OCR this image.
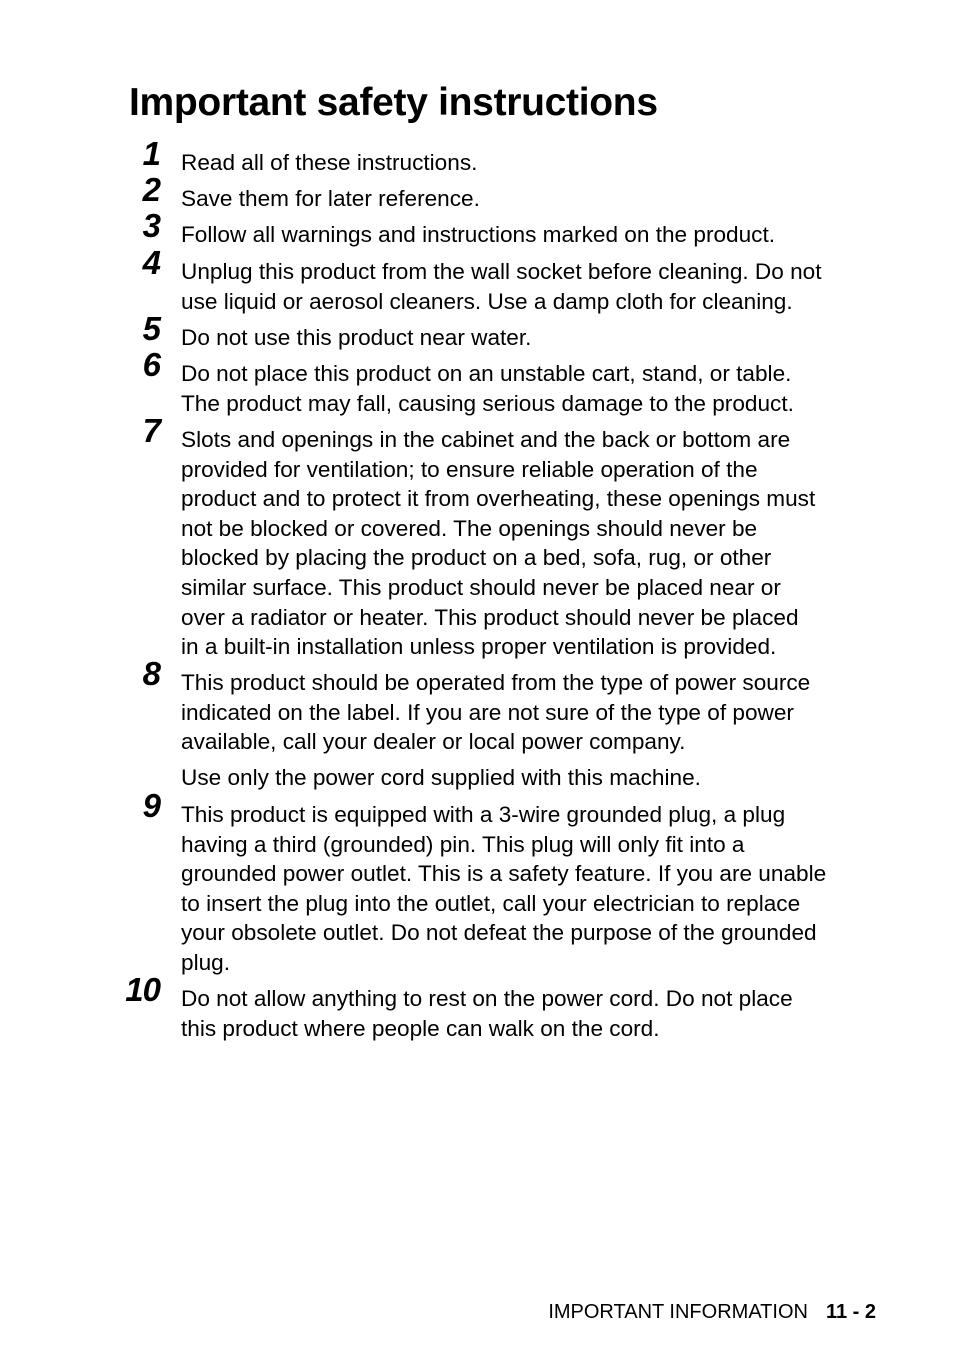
Important safety instructions
1 Read all of these instructions.

2 Save them for later reference.

3 Follow all warnings and instructions marked on the product.

4 Unplug this product from the wall socket before cleaning. Do not
use liquid or aerosol cleaners. Use a damp cloth for cleaning.

5 Do not use this product near water.

6 Do not place this product on an unstable cart, stand, or table.
The product may fall, causing serious damage to the product.

7 Slots and openings in the cabinet and the back or bottom are
provided for ventilation; to ensure reliable operation of the
product and to protect it from overheating, these openings must
not be blocked or covered. The openings should never be
blocked by placing the product on a bed, sofa, rug, or other
similar surface. This product should never be placed near or
over a radiator or heater. This product should never be placed
in a built-in installation unless proper ventilation is provided.

8 This product should be operated from the type of power source
indicated on the label. If you are not sure of the type of power
available, call your dealer or local power company.

Use only the power cord supplied with this machine.

9 This product is equipped with a 3-wire grounded plug, a plug
having a third (grounded) pin. This plug will only fit into a
grounded power outlet. This is a safety feature. If you are unable
to insert the plug into the outlet, call your electrician to replace
your obsolete outlet. Do not defeat the purpose of the grounded
plug.

10 Do not allow anything to rest on the power cord. Do not place
this product where people can walk on the cord.

IMPORTANT INFORMATION 11 - 2
